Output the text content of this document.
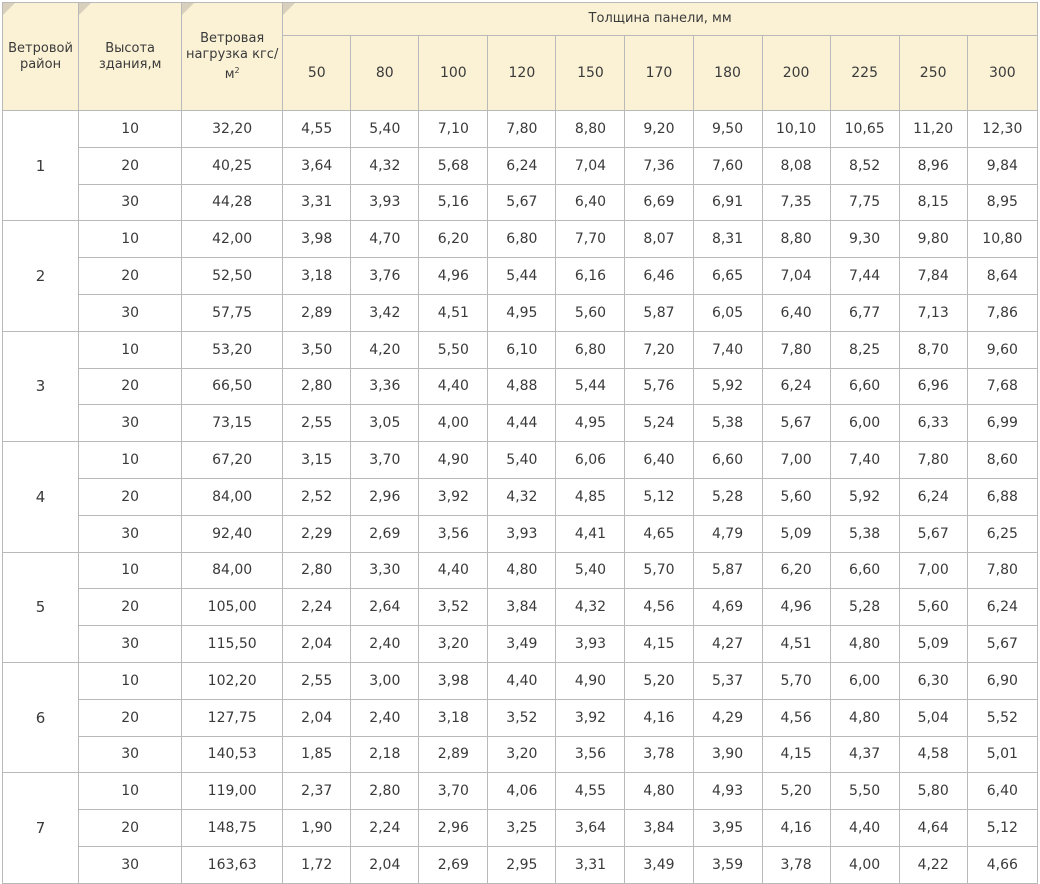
Ветровой район	Высота здания,м	Ветровая нагрузка кгс/$м^2$	Толщина панели, мм										
			50	80	100	120	150	170	180	200	225	250	300
1	10	32,20	4,55	5,40	7,10	7,80	8,80	9,20	9,50	10,10	10,65	11,20	12,30
	20	40,25	3,64	4,32	5,68	6,24	7,04	7,36	7,60	8,08	8,52	8,96	9,84
	30	44,28	3,31	3,93	5,16	5,67	6,40	6,69	6,91	7,35	7,75	8,15	8,95
2	10	42,00	3,98	4,70	6,20	6,80	7,70	8,07	8,31	8,80	9,30	9,80	10,80
	20	52,50	3,18	3,76	4,96	5,44	6,16	6,46	6,65	7,04	7,44	7,84	8,64
	30	57,75	2,89	3,42	4,51	4,95	5,60	5,87	6,05	6,40	6,77	7,13	7,86
3	10	53,20	3,50	4,20	5,50	6,10	6,80	7,20	7,40	7,80	8,25	8,70	9,60
	20	66,50	2,80	3,36	4,40	4,88	5,44	5,76	5,92	6,24	6,60	6,96	7,68
	30	73,15	2,55	3,05	4,00	4,44	4,95	5,24	5,38	5,67	6,00	6,33	6,99
4	10	67,20	3,15	3,70	4,90	5,40	6,06	6,40	6,60	7,00	7,40	7,80	8,60
	20	84,00	2,52	2,96	3,92	4,32	4,85	5,12	5,28	5,60	5,92	6,24	6,88
	30	92,40	2,29	2,69	3,56	3,93	4,41	4,65	4,79	5,09	5,38	5,67	6,25
5	10	84,00	2,80	3,30	4,40	4,80	5,40	5,70	5,87	6,20	6,60	7,00	7,80
	20	105,00	2,24	2,64	3,52	3,84	4,32	4,56	4,69	4,96	5,28	5,60	6,24
	30	115,50	2,04	2,40	3,20	3,49	3,93	4,15	4,27	4,51	4,80	5,09	5,67
6	10	102,20	2,55	3,00	3,98	4,40	4,90	5,20	5,37	5,70	6,00	6,30	6,90
	20	127,75	2,04	2,40	3,18	3,52	3,92	4,16	4,29	4,56	4,80	5,04	5,52
	30	140,53	1,85	2,18	2,89	3,20	3,56	3,78	3,90	4,15	4,37	4,58	5,01
7	10	119,00	2,37	2,80	3,70	4,06	4,55	4,80	4,93	5,20	5,50	5,80	6,40
	20	148,75	1,90	2,24	2,96	3,25	3,64	3,84	3,95	4,16	4,40	4,64	5,12
	30	163,63	1,72	2,04	2,69	2,95	3,31	3,49	3,59	3,78	4,00	4,22	4,66
